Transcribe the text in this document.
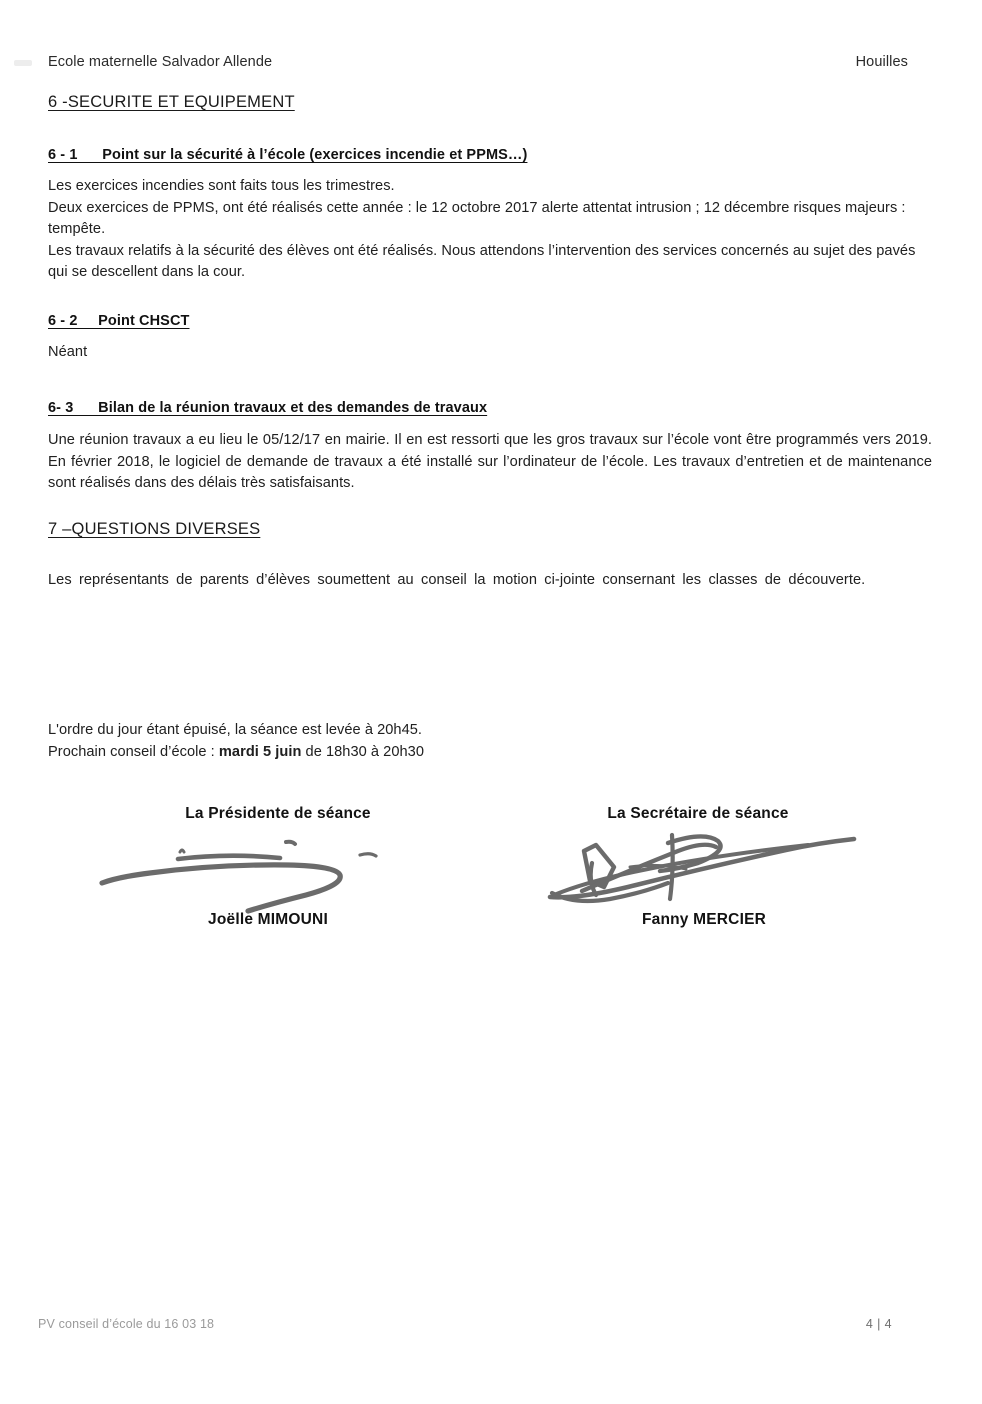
Ecole maternelle Salvador Allende	Houilles
6 -SECURITE ET EQUIPEMENT
6 - 1      Point sur la sécurité à l’école (exercices incendie et PPMS…)
Les exercices incendies sont faits tous les trimestres.
Deux exercices de PPMS, ont été réalisés cette année : le 12 octobre 2017 alerte attentat intrusion ; 12 décembre risques majeurs : tempête.
Les travaux relatifs à la sécurité des élèves ont été réalisés. Nous attendons l’intervention des services concernés au sujet des pavés qui se descellent dans la cour.
6 - 2     Point CHSCT
Néant
6- 3      Bilan de la réunion travaux et des demandes de travaux
Une réunion travaux a eu lieu le 05/12/17 en mairie. Il en est ressorti que les gros travaux sur l’école vont être programmés vers 2019. En février 2018, le logiciel de demande de travaux a été installé sur l’ordinateur de l’école. Les travaux d’entretien et de maintenance sont réalisés dans des délais très satisfaisants.
7 –QUESTIONS DIVERSES
Les représentants de parents d’élèves soumettent au conseil la motion ci-jointe consernant les classes de découverte.
L'ordre du jour étant épuisé, la séance est levée à 20h45.
Prochain conseil d’école : mardi 5 juin de 18h30 à 20h30
La Présidente de séance
Joëlle MIMOUNI
La Secrétaire de séance
Fanny MERCIER
PV conseil d’école du 16 03 18	4 | 4
